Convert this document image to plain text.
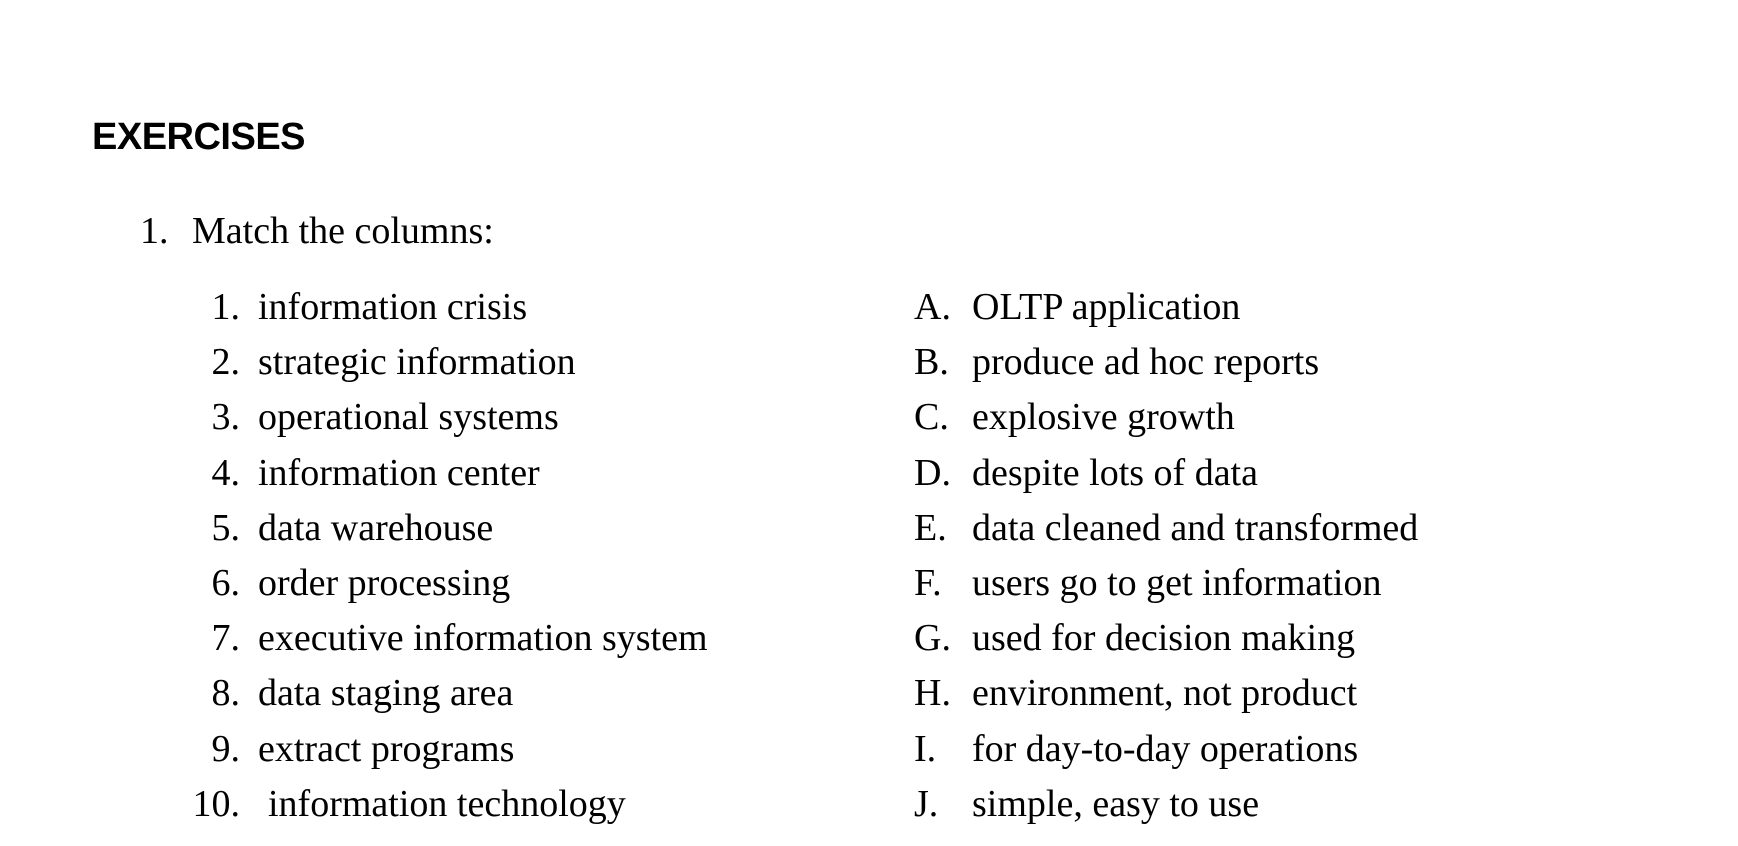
EXERCISES
1. Match the columns:
1. information crisis
2. strategic information
3. operational systems
4. information center
5. data warehouse
6. order processing
7. executive information system
8. data staging area
9. extract programs
10. information technology
A. OLTP application
B. produce ad hoc reports
C. explosive growth
D. despite lots of data
E. data cleaned and transformed
F. users go to get information
G. used for decision making
H. environment, not product
I. for day-to-day operations
J. simple, easy to use
